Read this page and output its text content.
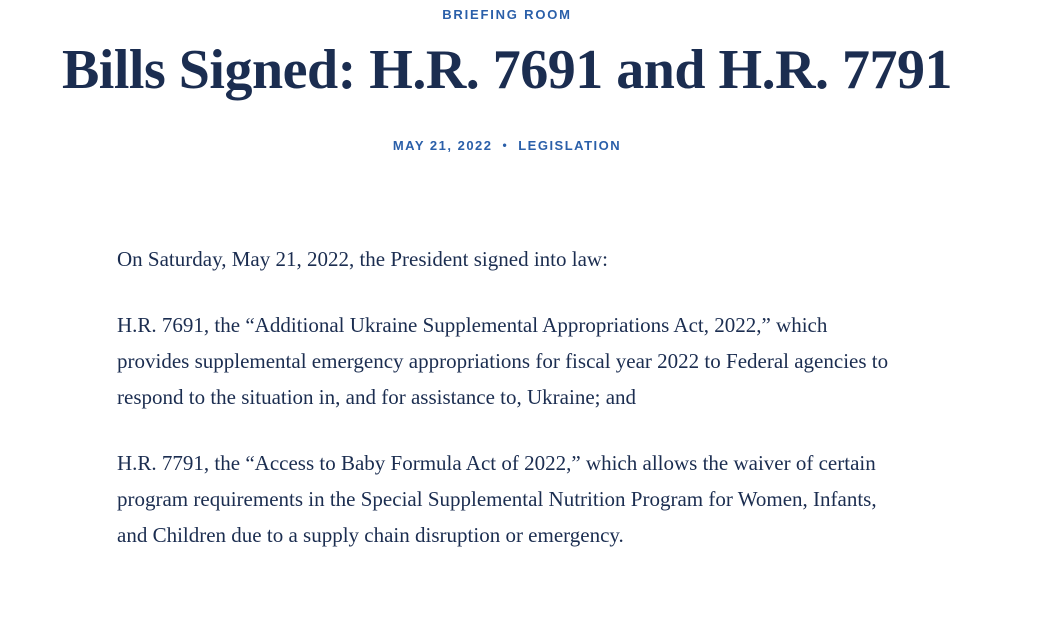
BRIEFING ROOM
Bills Signed: H.R. 7691 and H.R. 7791
MAY 21, 2022 • LEGISLATION

On Saturday, May 21, 2022, the President signed into law:

H.R. 7691, the “Additional Ukraine Supplemental Appropriations Act, 2022,” which provides supplemental emergency appropriations for fiscal year 2022 to Federal agencies to respond to the situation in, and for assistance to, Ukraine; and

H.R. 7791, the “Access to Baby Formula Act of 2022,” which allows the waiver of certain program requirements in the Special Supplemental Nutrition Program for Women, Infants, and Children due to a supply chain disruption or emergency.
